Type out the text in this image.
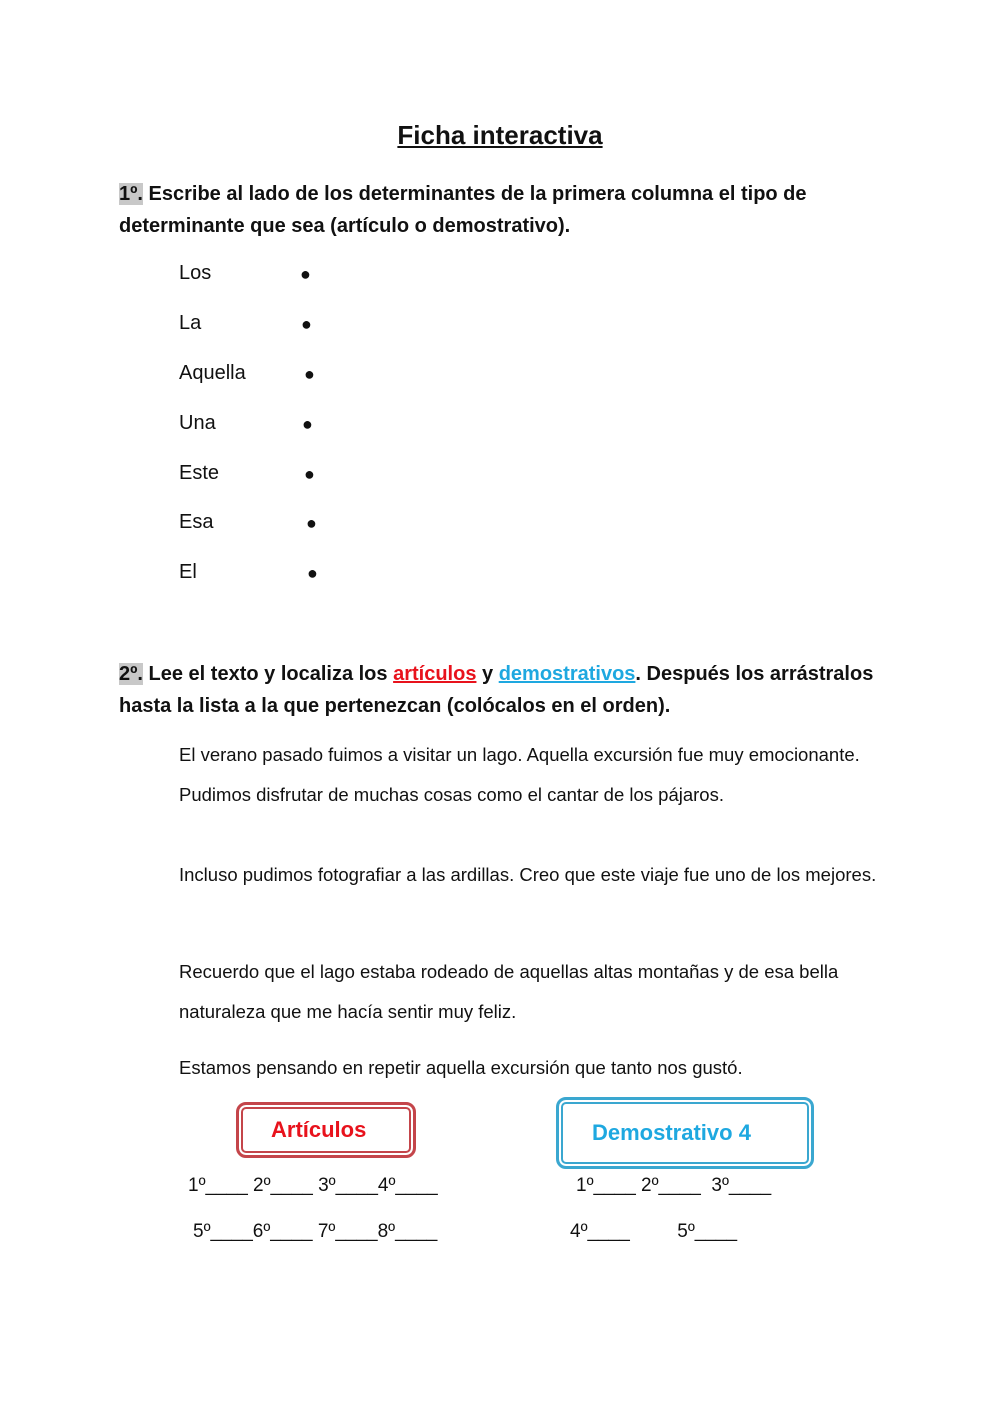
Ficha interactiva
1º. Escribe al lado de los determinantes de la primera columna el tipo de determinante que sea (artículo o demostrativo).
Los	●
La	●
Aquella	●
Una	●
Este	●
Esa	●
El	●
2º. Lee el texto y localiza los artículos y demostrativos. Después los arrástralos hasta la lista a la que pertenezcan (colócalos en el orden).
El verano pasado fuimos a visitar un lago. Aquella excursión fue muy emocionante. Pudimos disfrutar de muchas cosas como el cantar de los pájaros.
Incluso pudimos fotografiar a las ardillas. Creo que este viaje fue uno de los mejores.
Recuerdo que el lago estaba rodeado de aquellas altas montañas y de esa bella naturaleza que me hacía sentir muy feliz.
Estamos pensando en repetir aquella excursión que tanto nos gustó.
Artículos	Demostrativo 4
1º____ 2º____ 3º____4º____
5º____6º____ 7º____8º____
1º____ 2º____  3º____
4º____         5º____
